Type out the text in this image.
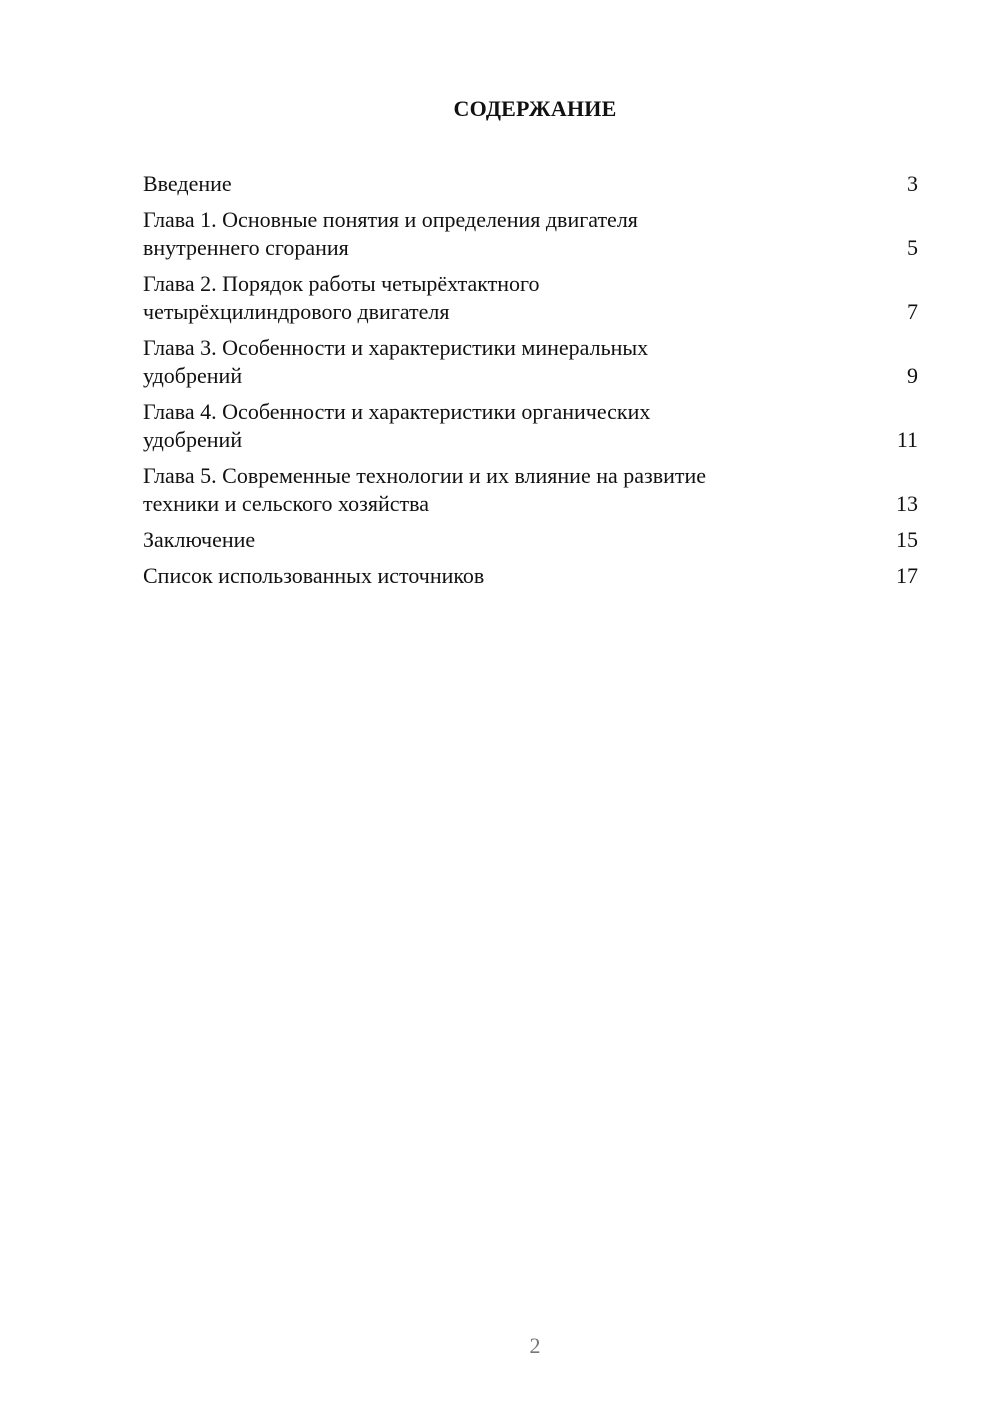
СОДЕРЖАНИЕ
Введение	3
Глава 1. Основные понятия и определения двигателя
внутреннего сгорания	5
Глава 2. Порядок работы четырёхтактного
четырёхцилиндрового двигателя	7
Глава 3. Особенности и характеристики минеральных
удобрений	9
Глава 4. Особенности и характеристики органических
удобрений	11
Глава 5. Современные технологии и их влияние на развитие
техники и сельского хозяйства	13
Заключение	15
Список использованных источников	17
2
